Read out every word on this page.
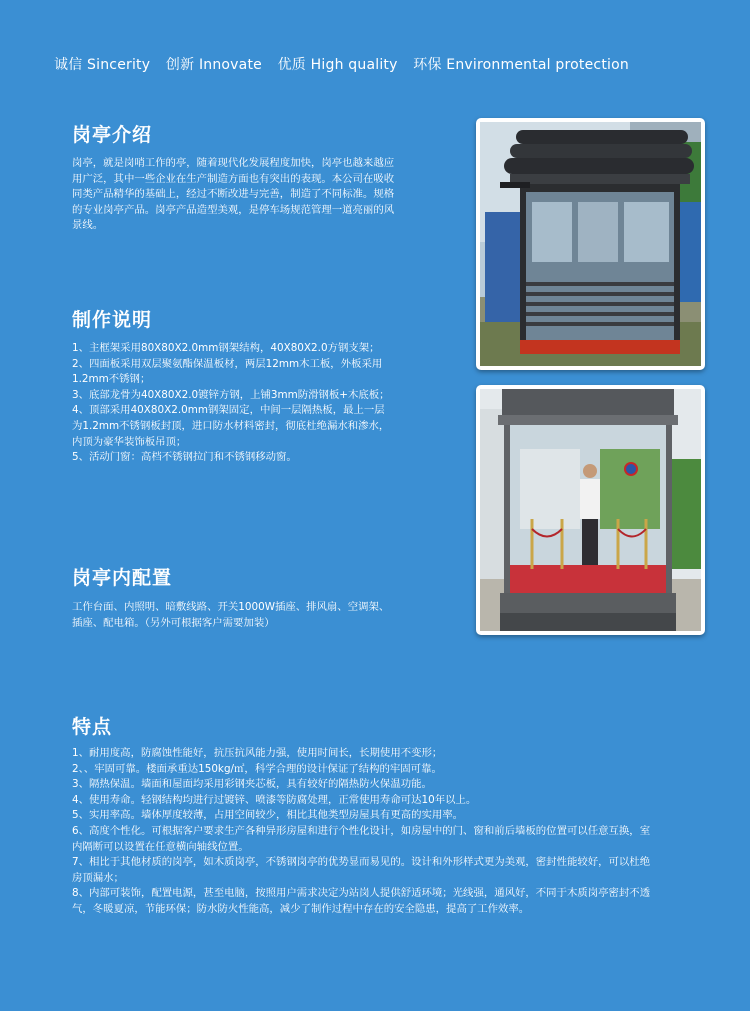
诚信 Sincerity 创新 Innovate 优质 High quality 环保 Environmental protection
岗亭介绍

岗亭，就是岗哨工作的亭，随着现代化发展程度加快，岗亭也越来越应用广泛，其中一些企业在生产制造方面也有突出的表现。本公司在吸收同类产品精华的基础上，经过不断改进与完善，制造了不同标准。规格的专业岗亭产品。岗亭产品造型美观，是停车场规范管理一道亮丽的风景线。

制作说明

1、主框架采用80X80X2.0mm钢架结构，40X80X2.0方钢支架；

2、四面板采用双层聚氨酯保温板材，两层12mm木工板，外板采用1.2mm不锈钢；

3、底部龙骨为40X80X2.0镀锌方钢，上铺3mm防滑钢板+木底板；

4、顶部采用40X80X2.0mm钢架固定，中间一层隔热板，最上一层为1.2mm不锈钢板封顶，进口防水材料密封，彻底杜绝漏水和渗水，内顶为豪华装饰板吊顶；

5、活动门窗：高档不锈钢拉门和不锈钢移动窗。

岗亭内配置

工作台面、内照明、暗敷线路、开关1000W插座、排风扇、空调架、插座、配电箱。（另外可根据客户需要加装）

特点

1、耐用度高，防腐蚀性能好，抗压抗风能力强，使用时间长，长期使用不变形；

2、、牢固可靠。楼面承重达150kg/㎡，科学合理的设计保证了结构的牢固可靠。

3、隔热保温。墙面和屋面均采用彩钢夹芯板，具有较好的隔热防火保温功能。

4、使用寿命。轻钢结构均进行过镀锌、喷漆等防腐处理，正常使用寿命可达10年以上。

5、实用率高。墙体厚度较薄，占用空间较少，相比其他类型房屋具有更高的实用率。

6、高度个性化。可根据客户要求生产各种异形房屋和进行个性化设计，如房屋中的门、窗和前后墙板的位置可以任意互换，室内隔断可以设置在任意横向轴线位置。

7、相比于其他材质的岗亭，如木质岗亭，不锈钢岗亭的优势显而易见的。设计和外形样式更为美观，密封性能较好，可以杜绝房顶漏水；

8、内部可装饰，配置电源，甚至电脑，按照用户需求决定为站岗人提供舒适环境；光线强，通风好，不同于木质岗亭密封不透气，冬暖夏凉，节能环保；防水防火性能高，减少了制作过程中存在的安全隐患，提高了工作效率。
